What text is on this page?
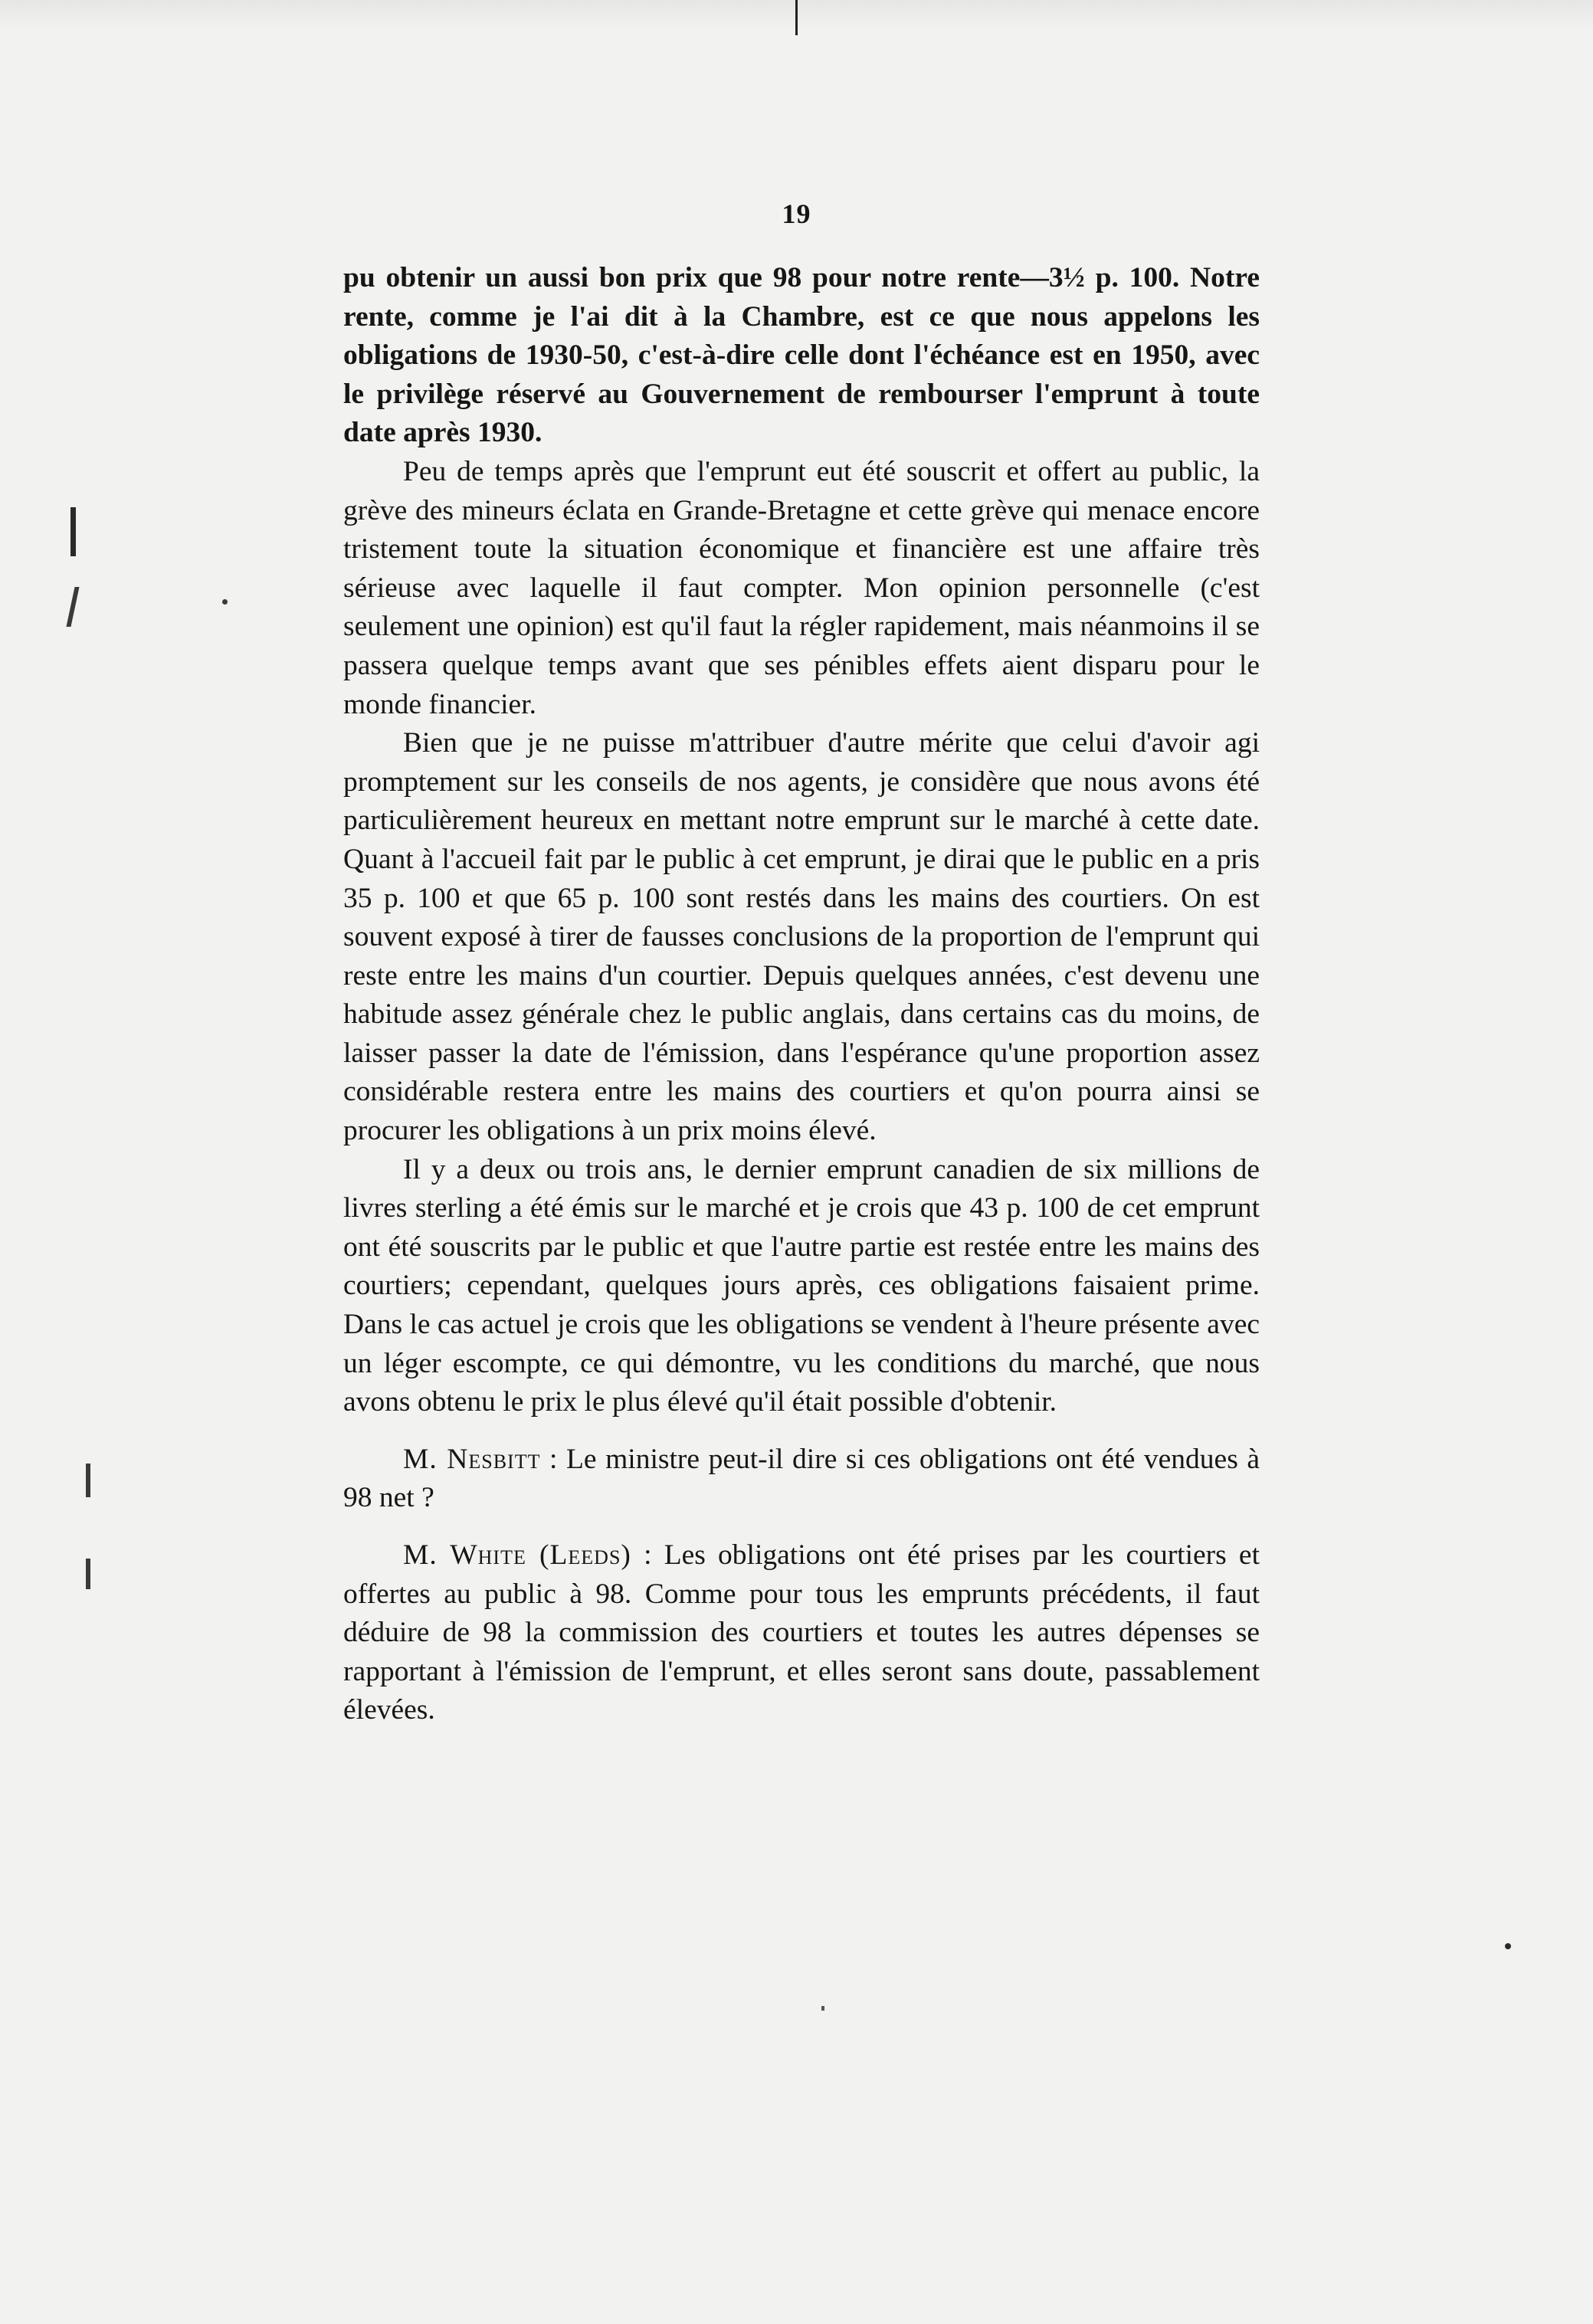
19

pu obtenir un aussi bon prix que 98 pour notre rente—3½ p. 100. Notre rente, comme je l'ai dit à la Chambre, est ce que nous appelons les obligations de 1930-50, c'est-à-dire celle dont l'échéance est en 1950, avec le privilège réservé au Gouvernement de rembourser l'emprunt à toute date après 1930.

Peu de temps après que l'emprunt eut été souscrit et offert au public, la grève des mineurs éclata en Grande-Bretagne et cette grève qui menace encore tristement toute la situation économique et financière est une affaire très sérieuse avec laquelle il faut compter. Mon opinion personnelle (c'est seulement une opinion) est qu'il faut la régler rapidement, mais néanmoins il se passera quelque temps avant que ses pénibles effets aient disparu pour le monde financier.

Bien que je ne puisse m'attribuer d'autre mérite que celui d'avoir agi promptement sur les conseils de nos agents, je considère que nous avons été particulièrement heureux en mettant notre emprunt sur le marché à cette date. Quant à l'accueil fait par le public à cet emprunt, je dirai que le public en a pris 35 p. 100 et que 65 p. 100 sont restés dans les mains des courtiers. On est souvent exposé à tirer de fausses conclusions de la proportion de l'emprunt qui reste entre les mains d'un courtier. Depuis quelques années, c'est devenu une habitude assez générale chez le public anglais, dans certains cas du moins, de laisser passer la date de l'émission, dans l'espérance qu'une proportion assez considérable restera entre les mains des courtiers et qu'on pourra ainsi se procurer les obligations à un prix moins élevé.

Il y a deux ou trois ans, le dernier emprunt canadien de six millions de livres sterling a été émis sur le marché et je crois que 43 p. 100 de cet emprunt ont été souscrits par le public et que l'autre partie est restée entre les mains des courtiers; cependant, quelques jours après, ces obligations faisaient prime. Dans le cas actuel je crois que les obligations se vendent à l'heure présente avec un léger escompte, ce qui démontre, vu les conditions du marché, que nous avons obtenu le prix le plus élevé qu'il était possible d'obtenir.

M. Nesbitt : Le ministre peut-il dire si ces obligations ont été vendues à 98 net ?

M. White (Leeds) : Les obligations ont été prises par les courtiers et offertes au public à 98. Comme pour tous les emprunts précédents, il faut déduire de 98 la commission des courtiers et toutes les autres dépenses se rapportant à l'émission de l'emprunt, et elles seront sans doute, passablement élevées.
